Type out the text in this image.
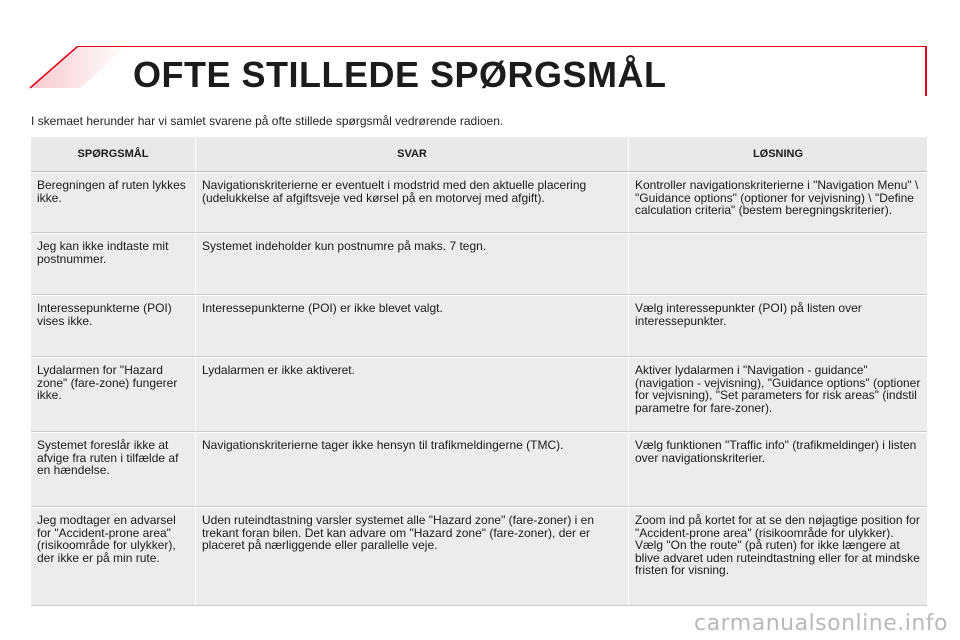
OFTE STILLEDE SPØRGSMÅL
I skemaet herunder har vi samlet svarene på ofte stillede spørgsmål vedrørende radioen.
SPØRGSMÅL	SVAR	LØSNING
Beregningen af ruten lykkes ikke.	Navigationskriterierne er eventuelt i modstrid med den aktuelle placering (udelukkelse af afgiftsveje ved kørsel på en motorvej med afgift).	Kontroller navigationskriterierne i "Navigation Menu" \ "Guidance options" (optioner for vejvisning) \ "Define calculation criteria" (bestem beregningskriterier).
Jeg kan ikke indtaste mit postnummer.	Systemet indeholder kun postnumre på maks. 7 tegn.	
Interessepunkterne (POI) vises ikke.	Interessepunkterne (POI) er ikke blevet valgt.	Vælg interessepunkter (POI) på listen over interessepunkter.
Lydalarmen for "Hazard zone" (fare-zone) fungerer ikke.	Lydalarmen er ikke aktiveret.	Aktiver lydalarmen i "Navigation - guidance" (navigation - vejvisning), "Guidance options" (optioner for vejvisning), "Set parameters for risk areas" (indstil parametre for fare-zoner).
Systemet foreslår ikke at afvige fra ruten i tilfælde af en hændelse.	Navigationskriterierne tager ikke hensyn til trafikmeldingerne (TMC).	Vælg funktionen "Traffic info" (trafikmeldinger) i listen over navigationskriterier.
Jeg modtager en advarsel for "Accident-prone area" (risikoområde for ulykker), der ikke er på min rute.	Uden ruteindtastning varsler systemet alle "Hazard zone" (fare-zoner) i en trekant foran bilen. Det kan advare om "Hazard zone" (fare-zoner), der er placeret på nærliggende eller parallelle veje.	Zoom ind på kortet for at se den nøjagtige position for "Accident-prone area" (risikoområde for ulykker). Vælg "On the route" (på ruten) for ikke længere at blive advaret uden ruteindtastning eller for at mindske fristen for visning.
carmanualsonline.info
